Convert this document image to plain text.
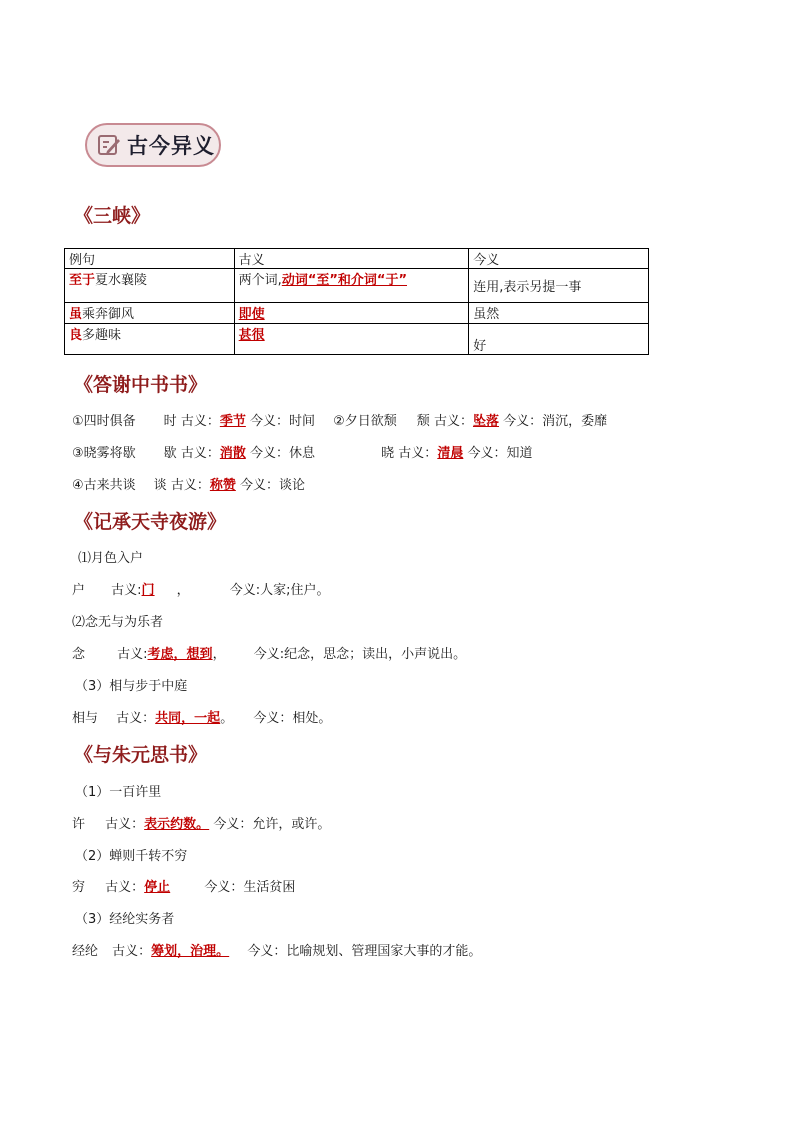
古今异义
《三峡》
例句	古义	今义
至于夏水襄陵	两个词,动词“至”和介词“于”	连用,表示另提一事
虽乘奔御风	即使	虽然
良多趣味	甚很	好
《答谢中书书》
①四时俱备 时 古义：季节 今义：时间 ②夕日欲颓 颓 古义：坠落 今义：消沉，委靡
③晓雾将歇 歇 古义：消散 今义：休息	晓 古义：清晨 今义：知道
④古来共谈 谈 古义：称赞 今义：谈论
《记承天寺夜游》
⑴月色入户
户 古义:门 ，	今义:人家;住户。
⑵念无与为乐者
念 古义:考虑，想到， 今义:纪念，思念；读出，小声说出。
（3）相与步于中庭
相与 古义：共同，一起。 今义：相处。
《与朱元思书》
（1）一百许里
许 古义：表示约数。 今义：允许，或许。
（2）蝉则千转不穷
穷 古义：停止	今义：生活贫困
（3）经纶实务者
经纶 古义：筹划，治理。 今义：比喻规划、管理国家大事的才能。
